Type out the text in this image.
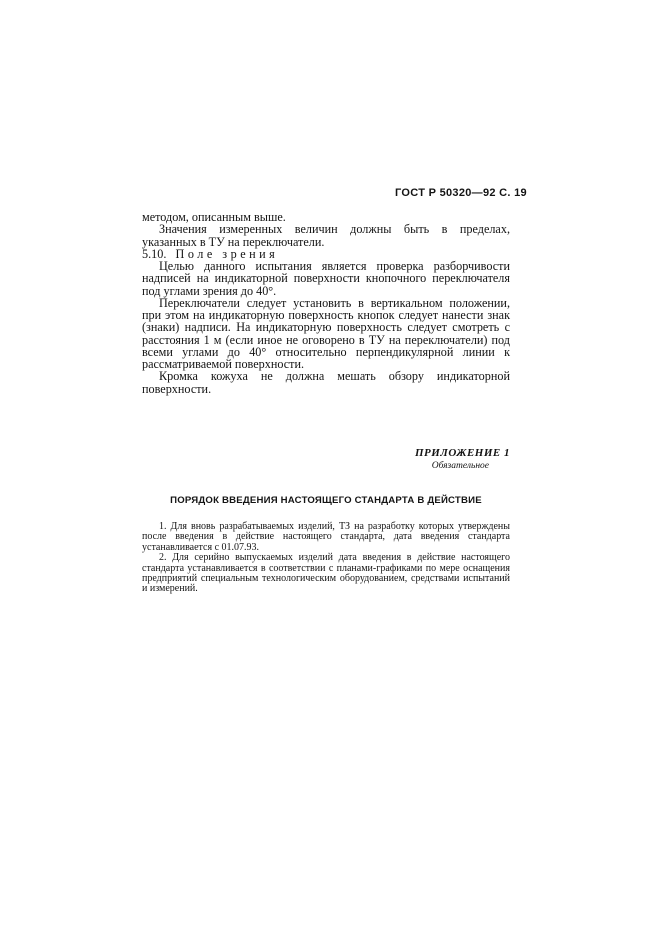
ГОСТ Р 50320—92 С. 19

методом, описанным выше.

Значения измеренных величин должны быть в пределах, указанных в ТУ на переключатели.

5.10. Поле зрения

Целью данного испытания является проверка разборчивости надписей на индикаторной поверхности кнопочного переключателя под углами зрения до 40°.

Переключатели следует установить в вертикальном положении, при этом на индикаторную поверхность кнопок следует нанести знак (знаки) надписи. На индикаторную поверхность следует смотреть с расстояния 1 м (если иное не оговорено в ТУ на переключатели) под всеми углами до 40° относительно перпендикулярной линии к рассматриваемой поверхности.

Кромка кожуха не должна мешать обзору индикаторной поверхности.

ПРИЛОЖЕНИЕ 1
Обязательное
ПОРЯДОК ВВЕДЕНИЯ НАСТОЯЩЕГО СТАНДАРТА В ДЕЙСТВИЕ

1. Для вновь разрабатываемых изделий, ТЗ на разработку которых утверждены после введения в действие настоящего стандарта, дата введения стандарта устанавливается с 01.07.93.

2. Для серийно выпускаемых изделий дата введения в действие настоящего стандарта устанавливается в соответствии с планами-графиками по мере оснащения предприятий специальным технологическим оборудованием, средствами испытаний и измерений.
